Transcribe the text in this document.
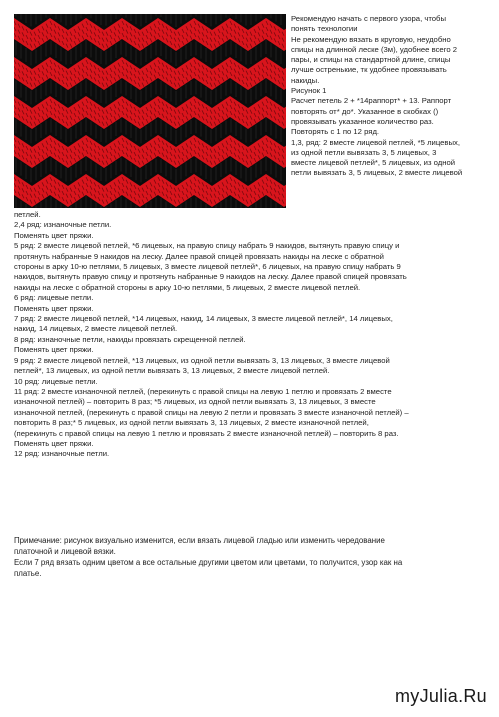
Рекомендую начать с первого узора, чтобы
понять технологии
Не рекомендую вязать в круговую, неудобно
спицы на длинной леске (3м), удобнее всего 2
пары, и спицы на стандартной длине, спицы
лучше остренькие, тк удобнее провязывать
накиды.
Рисунок 1
Расчет петель 2 + *14раппорт* + 13. Раппорт
повторять от* до*. Указанное в скобках ()
провязывать указанное количество раз.
Повторять с 1 по 12 ряд.
1,3, ряд: 2 вместе лицевой петлей, *5 лицевых,
из одной петли вывязать 3, 5 лицевых, 3
вместе лицевой петлей*, 5 лицевых, из одной
петли вывязать 3, 5 лицевых, 2 вместе лицевой
петлей.
2,4 ряд: изнаночные петли.
Поменять цвет пряжи.
5 ряд: 2 вместе лицевой петлей, *6 лицевых, на правую спицу набрать 9 накидов, вытянуть правую спицу и
протянуть набранные 9 накидов на леску. Далее правой спицей провязать накиды на леске с обратной
стороны в арку 10-ю петлями, 5 лицевых, 3 вместе лицевой петлей*, 6 лицевых, на правую спицу набрать 9
накидов, вытянуть правую спицу и протянуть набранные 9 накидов на леску. Далее правой спицей провязать
накиды на леске с обратной стороны в арку 10-ю петлями, 5 лицевых, 2 вместе лицевой петлей.
6 ряд: лицевые петли.
Поменять цвет пряжи.
7 ряд: 2 вместе лицевой петлей, *14 лицевых, накид, 14 лицевых, 3 вместе лицевой петлей*, 14 лицевых,
накид, 14 лицевых, 2 вместе лицевой петлей.
8 ряд: изнаночные петли, накиды провязать скрещенной петлей.
Поменять цвет пряжи.
9 ряд: 2 вместе лицевой петлей, *13 лицевых, из одной петли вывязать 3, 13 лицевых, 3 вместе лицевой
петлей*, 13 лицевых, из одной петли вывязать 3, 13 лицевых, 2 вместе лицевой петлей.
10 ряд: лицевые петли.
11 ряд: 2 вместе изнаночной петлей, (перекинуть с правой спицы на левую 1 петлю и провязать 2 вместе
изнаночной петлей) – повторить 8 раз; *5 лицевых, из одной петли вывязать 3, 13 лицевых, 3 вместе
изнаночной петлей, (перекинуть с правой спицы на левую 2 петли и провязать 3 вместе изнаночной петлей) –
повторить 8 раз;* 5 лицевых, из одной петли вывязать 3, 13 лицевых, 2 вместе изнаночной петлей,
(перекинуть с правой спицы на левую 1 петлю и провязать 2 вместе изнаночной петлей) – повторить 8 раз.
Поменять цвет пряжи.
12 ряд: изнаночные петли.
Примечание: рисунок визуально изменится, если вязать лицевой гладью или изменить чередование
платочной и лицевой вязки.
Если 7 ряд вязать одним цветом а все остальные другими цветом или цветами, то получится, узор как на
платье.
myJulia.Ru
